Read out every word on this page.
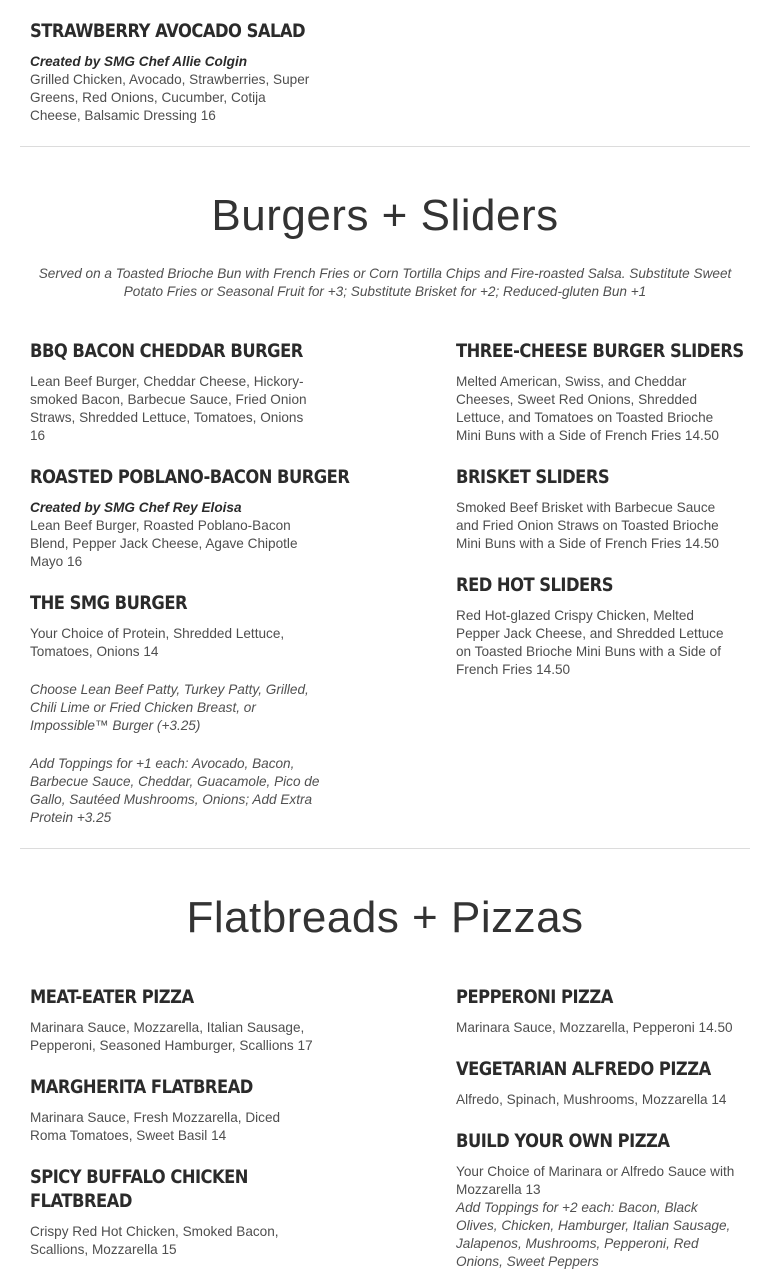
STRAWBERRY AVOCADO SALAD
Created by SMG Chef Allie Colgin
Grilled Chicken, Avocado, Strawberries, Super Greens, Red Onions, Cucumber, Cotija Cheese, Balsamic Dressing 16
Burgers + Sliders
Served on a Toasted Brioche Bun with French Fries or Corn Tortilla Chips and Fire-roasted Salsa. Substitute Sweet Potato Fries or Seasonal Fruit for +3; Substitute Brisket for +2; Reduced-gluten Bun +1
BBQ BACON CHEDDAR BURGER
Lean Beef Burger, Cheddar Cheese, Hickory-smoked Bacon, Barbecue Sauce, Fried Onion Straws, Shredded Lettuce, Tomatoes, Onions 16
ROASTED POBLANO-BACON BURGER
Created by SMG Chef Rey Eloisa
Lean Beef Burger, Roasted Poblano-Bacon Blend, Pepper Jack Cheese, Agave Chipotle Mayo 16
THE SMG BURGER
Your Choice of Protein, Shredded Lettuce, Tomatoes, Onions 14
Choose Lean Beef Patty, Turkey Patty, Grilled, Chili Lime or Fried Chicken Breast, or Impossible™ Burger (+3.25)
Add Toppings for +1 each: Avocado, Bacon, Barbecue Sauce, Cheddar, Guacamole, Pico de Gallo, Sautéed Mushrooms, Onions; Add Extra Protein +3.25
THREE-CHEESE BURGER SLIDERS
Melted American, Swiss, and Cheddar Cheeses, Sweet Red Onions, Shredded Lettuce, and Tomatoes on Toasted Brioche Mini Buns with a Side of French Fries 14.50
BRISKET SLIDERS
Smoked Beef Brisket with Barbecue Sauce and Fried Onion Straws on Toasted Brioche Mini Buns with a Side of French Fries 14.50
RED HOT SLIDERS
Red Hot-glazed Crispy Chicken, Melted Pepper Jack Cheese, and Shredded Lettuce on Toasted Brioche Mini Buns with a Side of French Fries 14.50
Flatbreads + Pizzas
MEAT-EATER PIZZA
Marinara Sauce, Mozzarella, Italian Sausage, Pepperoni, Seasoned Hamburger, Scallions 17
MARGHERITA FLATBREAD
Marinara Sauce, Fresh Mozzarella, Diced Roma Tomatoes, Sweet Basil 14
SPICY BUFFALO CHICKEN FLATBREAD
Crispy Red Hot Chicken, Smoked Bacon, Scallions, Mozzarella 15
PEPPERONI PIZZA
Marinara Sauce, Mozzarella, Pepperoni 14.50
VEGETARIAN ALFREDO PIZZA
Alfredo, Spinach, Mushrooms, Mozzarella 14
BUILD YOUR OWN PIZZA
Your Choice of Marinara or Alfredo Sauce with Mozzarella 13
Add Toppings for +2 each: Bacon, Black Olives, Chicken, Hamburger, Italian Sausage, Jalapenos, Mushrooms, Pepperoni, Red Onions, Sweet Peppers
